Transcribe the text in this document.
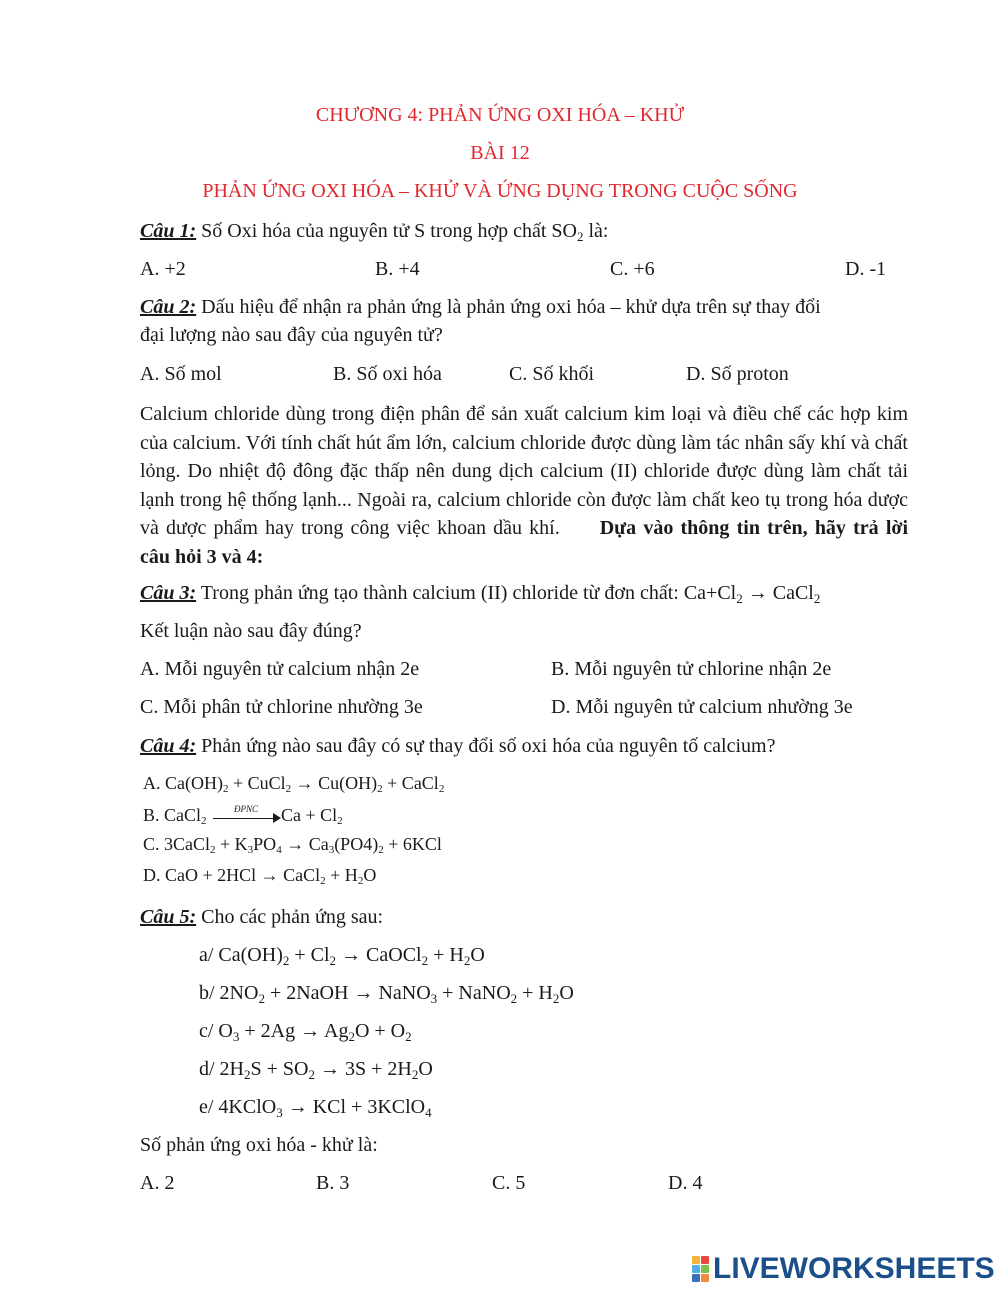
CHƯƠNG 4: PHẢN ỨNG OXI HÓA – KHỬ
BÀI 12
PHẢN ỨNG OXI HÓA – KHỬ VÀ ỨNG DỤNG TRONG CUỘC SỐNG
Câu 1: Số Oxi hóa của nguyên tử S trong hợp chất $SO_2$ là:
A. +2	B. +4	C. +6	D. -1
Câu 2: Dấu hiệu để nhận ra phản ứng là phản ứng oxi hóa – khử dựa trên sự thay đổi
đại lượng nào sau đây của nguyên tử?
A. Số mol	B. Số oxi hóa	C. Số khối	D. Số proton
Calcium chloride dùng trong điện phân để sản xuất calcium kim loại và điều chế các hợp kim của calcium. Với tính chất hút ẩm lớn, calcium chloride được dùng làm tác nhân sấy khí và chất lỏng. Do nhiệt độ đông đặc thấp nên dung dịch calcium (II) chloride được dùng làm chất tải lạnh trong hệ thống lạnh... Ngoài ra, calcium chloride còn được làm chất keo tụ trong hóa dược và dược phẩm hay trong công việc khoan dầu khí. Dựa vào thông tin trên, hãy trả lời câu hỏi 3 và 4:
Câu 3: Trong phản ứng tạo thành calcium (II) chloride từ đơn chất: $Ca+Cl_2$ → CaCl$_2$
Kết luận nào sau đây đúng?
A. Mỗi nguyên tử calcium nhận 2e	B. Mỗi nguyên tử chlorine nhận 2e
C. Mỗi phân tử chlorine nhường 3e	D. Mỗi nguyên tử calcium nhường 3e
Câu 4: Phản ứng nào sau đây có sự thay đổi số oxi hóa của nguyên tố calcium?
A. $Ca(OH)_2$ + CuCl$_2$ → $Cu(OH)_2$ + CaCl$_2$
B. CaCl$_2$
ĐPNC	$Ca + Cl_2$
C. 3CaCl$_2$ + $K_3PO_4 \to Ca_3(PO4)_2 + 6KCl$
D. CaO + 2HCl → CaCl$_2$ + $H_2O$
Câu 5: Cho các phản ứng sau:
a/ $Ca(OH)_2 + Cl_2$ → CaOCl$_2$ + $H_2O$
b/ $2NO_2$ + 2NaOH → NaNO$_3$ + NaNO$_2$ + $H_2O$
c/ $O_3 + 2Ag \to Ag_2O + O_2$
d/ $2H_2S + SO_2 \to 3S + 2H_2O$
e/ 4KClO$_3$ → KCl + 3KClO$_4$
Số phản ứng oxi hóa - khử là:
A. 2	B. 3	C. 5	D. 4
LIVEWORKSHEETS
